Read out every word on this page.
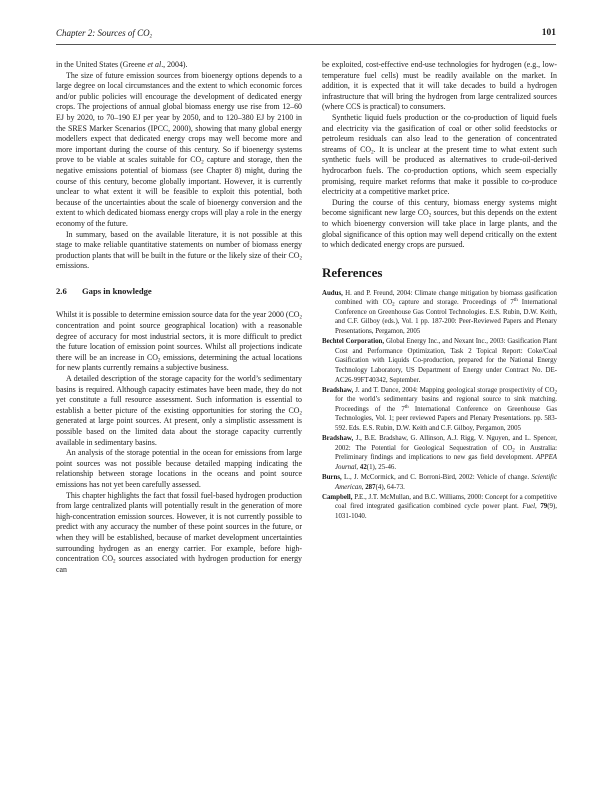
Chapter 2: Sources of $CO_2$	101

in the United States (Greene et al., 2004).

The size of future emission sources from bioenergy options depends to a large degree on local circumstances and the extent to which economic forces and/or public policies will encourage the development of dedicated energy crops. The projections of annual global biomass energy use rise from 12–60 EJ by 2020, to 70–190 EJ per year by 2050, and to 120–380 EJ by 2100 in the SRES Marker Scenarios (IPCC, 2000), showing that many global energy modellers expect that dedicated energy crops may well become more and more important during the course of this century. So if bioenergy systems prove to be viable at scales suitable for $CO_2$ capture and storage, then the negative emissions potential of biomass (see Chapter 8) might, during the course of this century, become globally important. However, it is currently unclear to what extent it will be feasible to exploit this potential, both because of the uncertainties about the scale of bioenergy conversion and the extent to which dedicated biomass energy crops will play a role in the energy economy of the future.

In summary, based on the available literature, it is not possible at this stage to make reliable quantitative statements on number of biomass energy production plants that will be built in the future or the likely size of their $CO_2$ emissions.

2.6 Gaps in knowledge

Whilst it is possible to determine emission source data for the year 2000 ($CO_2$ concentration and point source geographical location) with a reasonable degree of accuracy for most industrial sectors, it is more difficult to predict the future location of emission point sources. Whilst all projections indicate there will be an increase in $CO_2$ emissions, determining the actual locations for new plants currently remains a subjective business.

A detailed description of the storage capacity for the world’s sedimentary basins is required. Although capacity estimates have been made, they do not yet constitute a full resource assessment. Such information is essential to establish a better picture of the existing opportunities for storing the $CO_2$ generated at large point sources. At present, only a simplistic assessment is possible based on the limited data about the storage capacity currently available in sedimentary basins.

An analysis of the storage potential in the ocean for emissions from large point sources was not possible because detailed mapping indicating the relationship between storage locations in the oceans and point source emissions has not yet been carefully assessed.

This chapter highlights the fact that fossil fuel-based hydrogen production from large centralized plants will potentially result in the generation of more high-concentration emission sources. However, it is not currently possible to predict with any accuracy the number of these point sources in the future, or when they will be established, because of market development uncertainties surrounding hydrogen as an energy carrier. For example, before high-concentration $CO_2$ sources associated with hydrogen production for energy can

be exploited, cost-effective end-use technologies for hydrogen (e.g., low-temperature fuel cells) must be readily available on the market. In addition, it is expected that it will take decades to build a hydrogen infrastructure that will bring the hydrogen from large centralized sources (where CCS is practical) to consumers.

Synthetic liquid fuels production or the co-production of liquid fuels and electricity via the gasification of coal or other solid feedstocks or petroleum residuals can also lead to the generation of concentrated streams of $CO_2$. It is unclear at the present time to what extent such synthetic fuels will be produced as alternatives to crude-oil-derived hydrocarbon fuels. The co-production options, which seem especially promising, require market reforms that make it possible to co-produce electricity at a competitive market price.

During the course of this century, biomass energy systems might become significant new large $CO_2$ sources, but this depends on the extent to which bioenergy conversion will take place in large plants, and the global significance of this option may well depend critically on the extent to which dedicated energy crops are pursued.

References

Audus, H. and P. Freund, 2004: Climate change mitigation by biomass gasification combined with $CO_2$ capture and storage. Proceedings of 7th International Conference on Greenhouse Gas Control Technologies. E.S. Rubin, D.W. Keith, and C.F. Gilboy (eds.), Vol. 1 pp. 187-200: Peer-Reviewed Papers and Plenary Presentations, Pergamon, 2005

Bechtel Corporation, Global Energy Inc., and Nexant Inc., 2003: Gasification Plant Cost and Performance Optimization, Task 2 Topical Report: Coke/Coal Gasification with Liquids Co-production, prepared for the National Energy Technology Laboratory, US Department of Energy under Contract No. DE-AC26-99FT40342, September.

Bradshaw, J. and T. Dance, 2004: Mapping geological storage prospectivity of $CO_2$ for the world’s sedimentary basins and regional source to sink matching. Proceedings of the 7th International Conference on Greenhouse Gas Technologies, Vol. 1; peer reviewed Papers and Plenary Presentations. pp. 583-592. Eds. E.S. Rubin, D.W. Keith and C.F. Gilboy, Pergamon, 2005

Bradshaw, J., B.E. Bradshaw, G. Allinson, A.J. Rigg, V. Nguyen, and L. Spencer, 2002: The Potential for Geological Sequestration of $CO_2$ in Australia: Preliminary findings and implications to new gas field development. APPEA Journal, 42(1), 25-46.

Burns, L., J. McCormick, and C. Borroni-Bird, 2002: Vehicle of change. Scientific American, 287(4), 64-73.

Campbell, P.E., J.T. McMullan, and B.C. Williams, 2000: Concept for a competitive coal fired integrated gasification combined cycle power plant. Fuel, 79(9), 1031-1040.
